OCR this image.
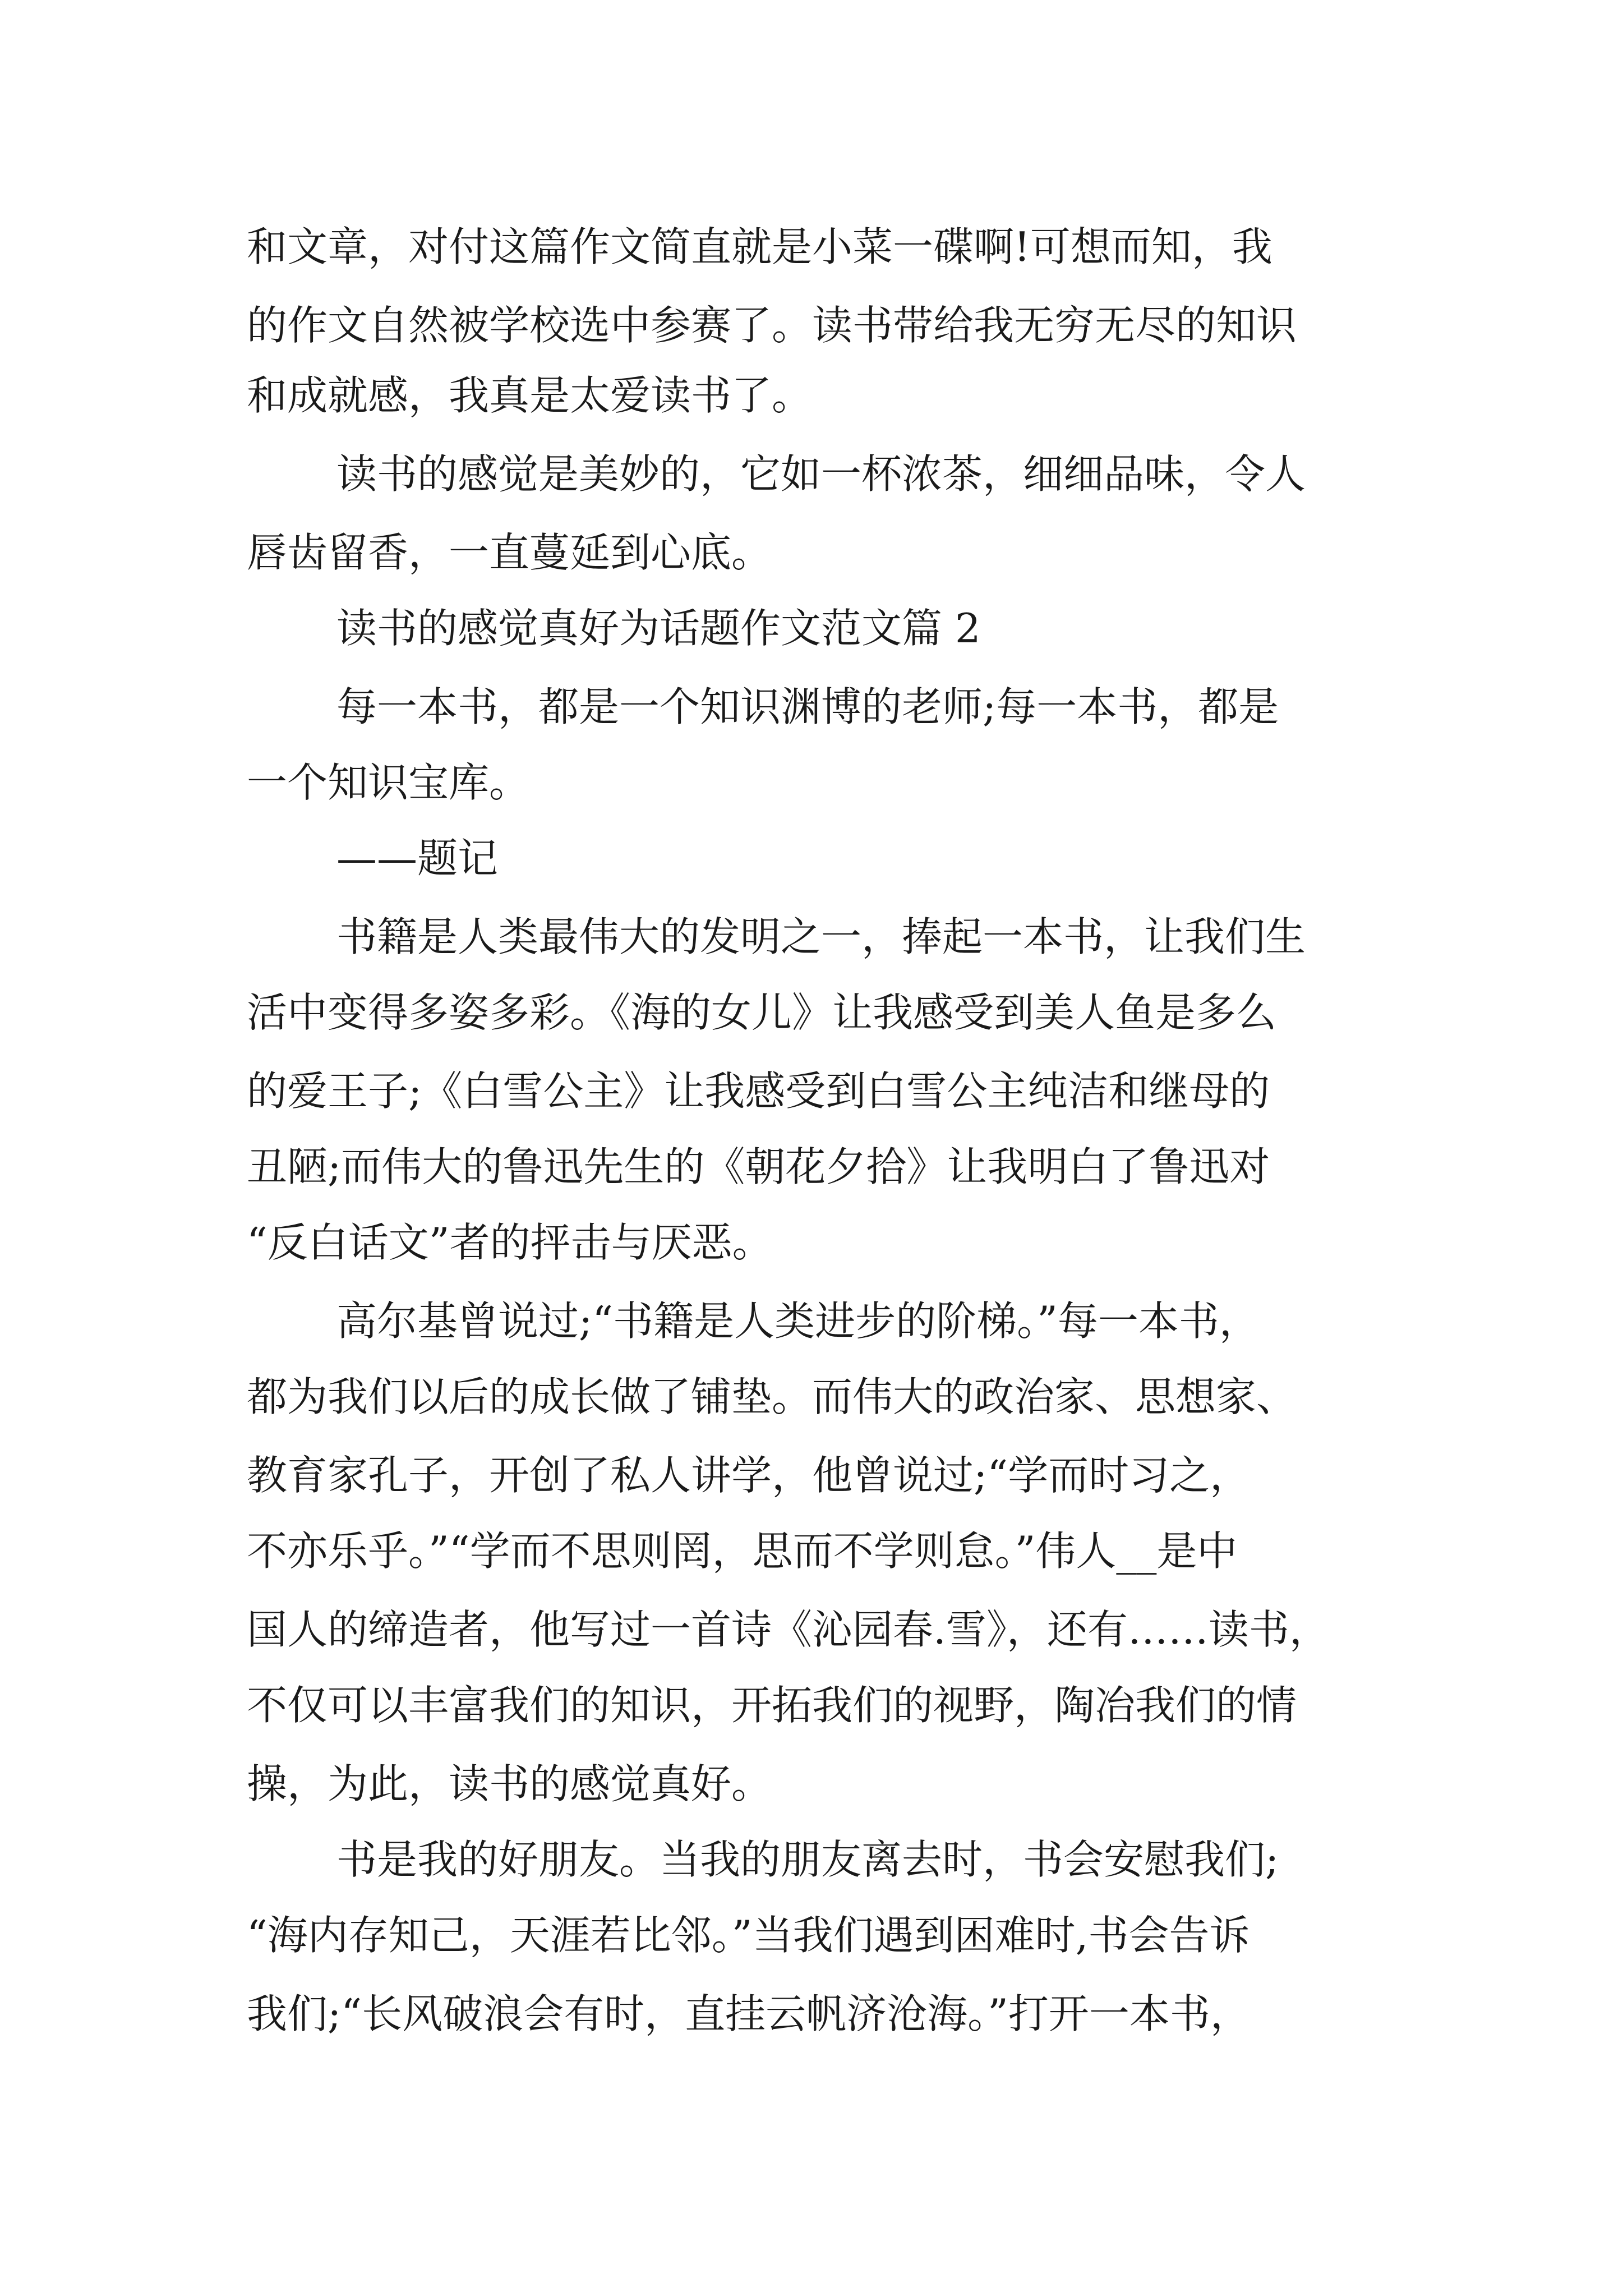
和文章，对付这篇作文简直就是小菜一碟啊!可想而知，我
的作文自然被学校选中参赛了。读书带给我无穷无尽的知识
和成就感，我真是太爱读书了。
读书的感觉是美妙的，它如一杯浓茶，细细品味，令人
唇齿留香，一直蔓延到心底。
读书的感觉真好为话题作文范文篇 2
每一本书，都是一个知识渊博的老师;每一本书，都是
一个知识宝库。
——题记
书籍是人类最伟大的发明之一，捧起一本书，让我们生
活中变得多姿多彩。《海的女儿》让我感受到美人鱼是多么
的爱王子;《白雪公主》让我感受到白雪公主纯洁和继母的
丑陋;而伟大的鲁迅先生的《朝花夕拾》让我明白了鲁迅对
“反白话文”者的抨击与厌恶。
高尔基曾说过;“书籍是人类进步的阶梯。”每一本书，
都为我们以后的成长做了铺垫。而伟大的政治家、思想家、
教育家孔子，开创了私人讲学，他曾说过;“学而时习之，
不亦乐乎。”“学而不思则罔，思而不学则怠。”伟人__是中
国人的缔造者，他写过一首诗《沁园春.雪》，还有……读书，
不仅可以丰富我们的知识，开拓我们的视野，陶冶我们的情
操，为此，读书的感觉真好。
书是我的好朋友。当我的朋友离去时，书会安慰我们;
“海内存知己，天涯若比邻。”当我们遇到困难时,书会告诉
我们;“长风破浪会有时，直挂云帆济沧海。”打开一本书，
